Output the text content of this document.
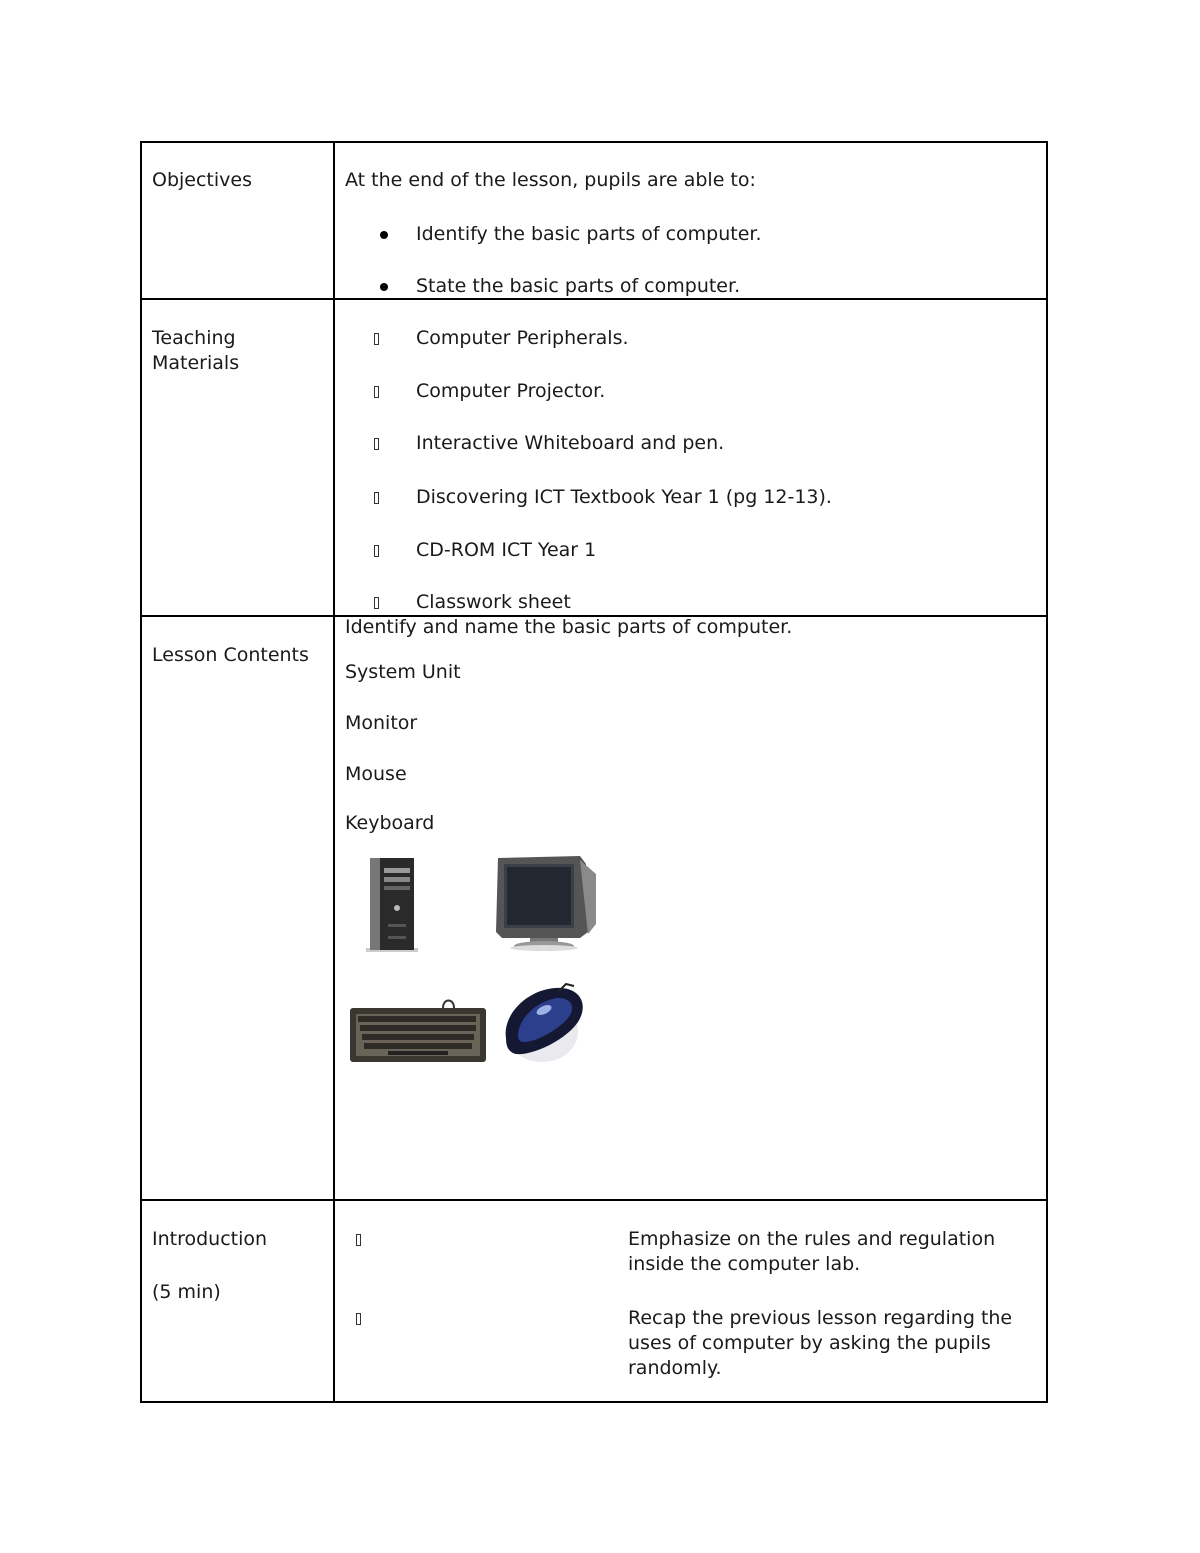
Objectives	At the end of the lesson, pupils are able to:
Identify the basic parts of computer.
State the basic parts of computer.
Teaching
Materials
Computer Peripherals.
Computer Projector.
Interactive Whiteboard and pen.
Discovering ICT Textbook Year 1 (pg 12-13).
CD-ROM ICT Year 1
Classwork sheet
Lesson Contents
Identify and name the basic parts of computer.
System Unit
Monitor
Mouse
Keyboard
Introduction
(5 min)
Emphasize on the rules and regulation inside the computer lab.
Recap the previous lesson regarding the uses of computer by asking the pupils randomly.
